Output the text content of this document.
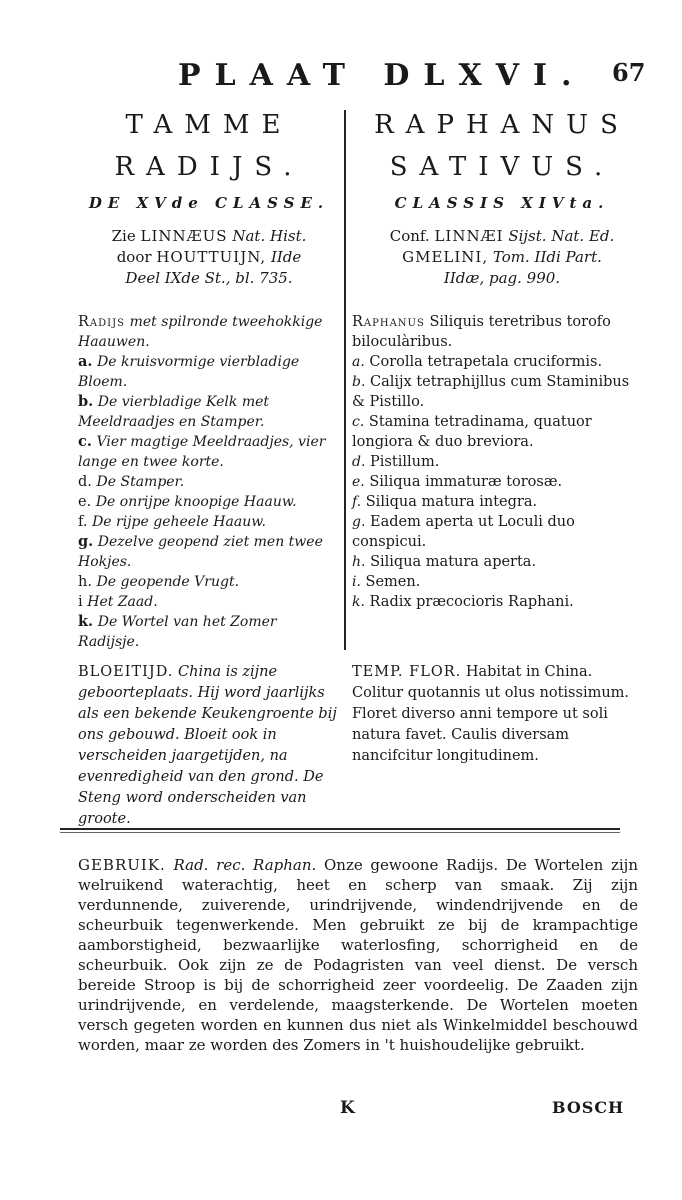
PLAAT DLXVI.	67
TAMME
RADIJS.
DE XVde CLASSE.
Zie LINNÆUS Nat. Hist.
door HOUTTUIJN, IIde
Deel IXde St., bl. 735.
RAPHANUS
SATIVUS.
CLASSIS XIVta.
Conf. LINNÆI Sijst. Nat. Ed.
GMELINI, Tom. IIdi Part.
IIdæ, pag. 990.
Radijs met spilronde tweehokkige Haauwen.
a. De kruisvormige vierbladige Bloem.
b. De vierbladige Kelk met Meeldraadjes en Stamper.
c. Vier magtige Meeldraadjes, vier lange en twee korte.
d. De Stamper.
e. De onrijpe knoopige Haauw.
f. De rijpe geheele Haauw.
g. Dezelve geopend ziet men twee Hokjes.
h. De geopende Vrugt.
i Het Zaad.
k. De Wortel van het Zomer Radijsje.
Raphanus Siliquis teretribus torofo biloculàribus.
a. Corolla tetrapetala cruciformis.
b. Calijx tetraphijllus cum Staminibus & Pistillo.
c. Stamina tetradinama, quatuor longiora & duo breviora.
d. Pistillum.
e. Siliqua immaturæ torosæ.
f. Siliqua matura integra.
g. Eadem aperta ut Loculi duo conspicui.
h. Siliqua matura aperta.
i. Semen.
k. Radix præcocioris Raphani.
BLOEITIJD. China is zijne geboorteplaats. Hij word jaarlijks als een bekende Keukengroente bij ons gebouwd. Bloeit ook in verscheiden jaargetijden, na evenredigheid van den grond. De Steng word onderscheiden van groote.
TEMP. FLOR. Habitat in China. Colitur quotannis ut olus notissimum. Floret diverso anni tempore ut soli natura favet. Caulis diversam nancifcitur longitudinem.
GEBRUIK. Rad. rec. Raphan. Onze gewoone Radijs. De Wortelen zijn welruikend waterachtig, heet en scherp van smaak. Zij zijn verdunnende, zuiverende, urindrijvende, windendrijvende en de scheurbuik tegenwerkende. Men gebruikt ze bij de krampachtige aamborstigheid, bezwaarlijke waterlosfing, schorrigheid en de scheurbuik. Ook zijn ze de Podagristen van veel dienst. De versch bereide Stroop is bij de schorrigheid zeer voordeelig. De Zaaden zijn urindrijvende, en verdelende, maagsterkende. De Wortelen moeten versch gegeten worden en kunnen dus niet als Winkelmiddel beschouwd worden, maar ze worden des Zomers in 't huishoudelijke gebruikt.
K	BOSCH
